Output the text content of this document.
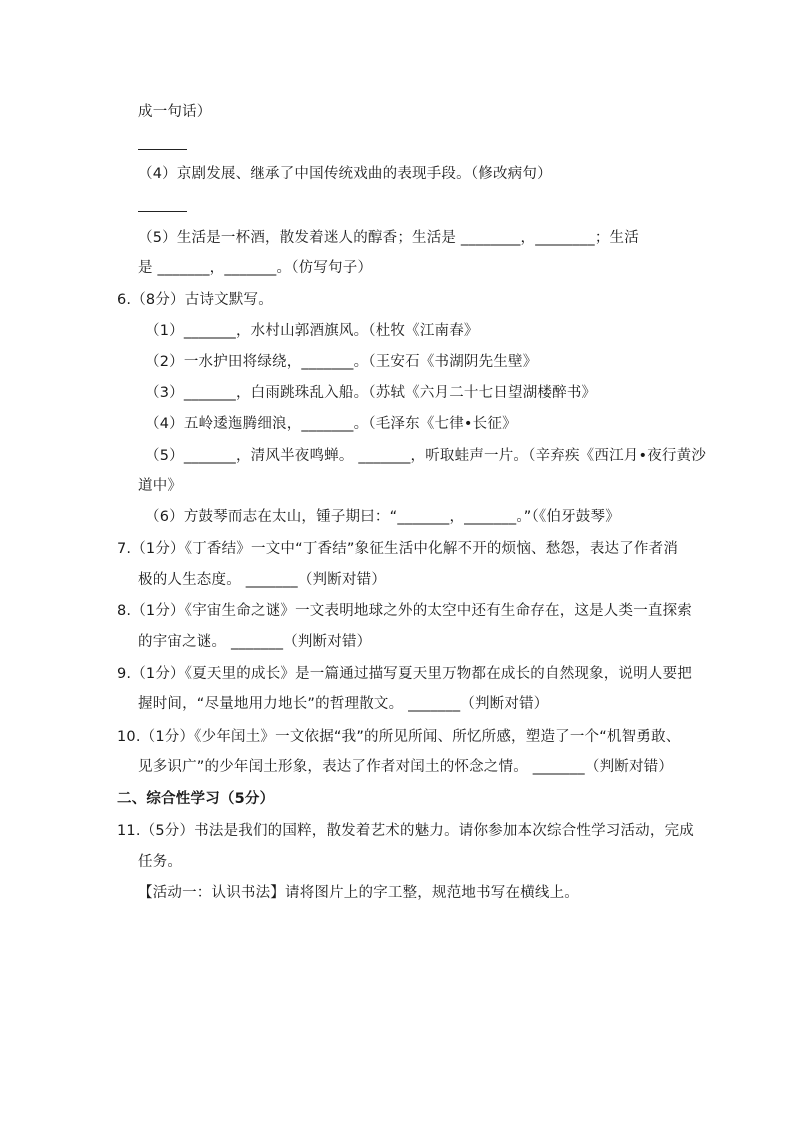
成一句话）
（4）京剧发展、继承了中国传统戏曲的表现手段。（修改病句）
（5）生活是一杯酒，散发着迷人的醇香；生活是 ________，________；生活
是 _______，_______。（仿写句子）
6.（8分）古诗文默写。
（1）_______，水村山郭酒旗风。（杜牧《江南春》
（2）一水护田将绿绕，_______。（王安石《书湖阴先生壁》
（3）_______，白雨跳珠乱入船。（苏轼《六月二十七日望湖楼醉书》
（4）五岭逶迤腾细浪，_______。（毛泽东《七律•长征》
（5）_______，清风半夜鸣蝉。 _______，听取蛙声一片。（辛弃疾《西江月•夜行黄沙
道中》
（6）方鼓琴而志在太山，锺子期曰：“_______，_______。”（《伯牙鼓琴》
7.（1分）《丁香结》一文中“丁香结”象征生活中化解不开的烦恼、愁怨，表达了作者消
极的人生态度。 _______（判断对错）
8.（1分）《宇宙生命之谜》一文表明地球之外的太空中还有生命存在，这是人类一直探索
的宇宙之谜。 _______（判断对错）
9.（1分）《夏天里的成长》是一篇通过描写夏天里万物都在成长的自然现象，说明人要把
握时间，“尽量地用力地长”的哲理散文。 _______（判断对错）
10.（1分）《少年闰土》一文依据“我”的所见所闻、所忆所感，塑造了一个“机智勇敢、
见多识广”的少年闰土形象，表达了作者对闰土的怀念之情。 _______（判断对错）
二、综合性学习（5分）
11.（5分）书法是我们的国粹，散发着艺术的魅力。请你参加本次综合性学习活动，完成
任务。
【活动一：认识书法】请将图片上的字工整，规范地书写在横线上。
